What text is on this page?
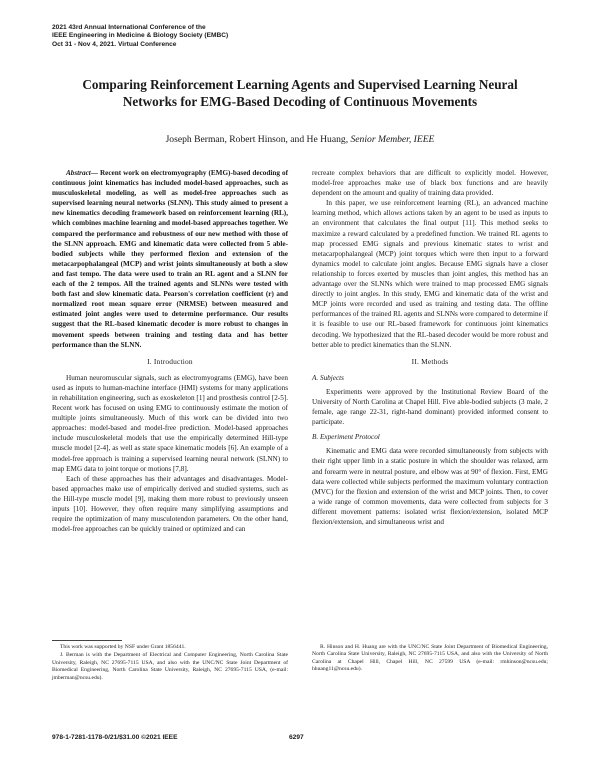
2021 43rd Annual International Conference of the
IEEE Engineering in Medicine & Biology Society (EMBC)
Oct 31 - Nov 4, 2021. Virtual Conference
Comparing Reinforcement Learning Agents and Supervised Learning Neural Networks for EMG-Based Decoding of Continuous Movements
Joseph Berman, Robert Hinson, and He Huang, Senior Member, IEEE

Abstract— Recent work on electromyography (EMG)-based decoding of continuous joint kinematics has included model-based approaches, such as musculoskeletal modeling, as well as model-free approaches such as supervised learning neural networks (SLNN). This study aimed to present a new kinematics decoding framework based on reinforcement learning (RL), which combines machine learning and model-based approaches together. We compared the performance and robustness of our new method with those of the SLNN approach. EMG and kinematic data were collected from 5 able-bodied subjects while they performed flexion and extension of the metacarpophalangeal (MCP) and wrist joints simultaneously at both a slow and fast tempo. The data were used to train an RL agent and a SLNN for each of the 2 tempos. All the trained agents and SLNNs were tested with both fast and slow kinematic data. Pearson's correlation coefficient (r) and normalized root mean square error (NRMSE) between measured and estimated joint angles were used to determine performance. Our results suggest that the RL-based kinematic decoder is more robust to changes in movement speeds between training and testing data and has better performance than the SLNN.

I. Introduction

Human neuromuscular signals, such as electromyograms (EMG), have been used as inputs to human-machine interface (HMI) systems for many applications in rehabilitation engineering, such as exoskeleton [1] and prosthesis control [2-5]. Recent work has focused on using EMG to continuously estimate the motion of multiple joints simultaneously. Much of this work can be divided into two approaches: model-based and model-free prediction. Model-based approaches include musculoskeletal models that use the empirically determined Hill-type muscle model [2-4], as well as state space kinematic models [6]. An example of a model-free approach is training a supervised learning neural network (SLNN) to map EMG data to joint torque or motions [7,8].

Each of these approaches has their advantages and disadvantages. Model-based approaches make use of empirically derived and studied systems, such as the Hill-type muscle model [9], making them more robust to previously unseen inputs [10]. However, they often require many simplifying assumptions and require the optimization of many musculotendon parameters. On the other hand, model-free approaches can be quickly trained or optimized and can

recreate complex behaviors that are difficult to explicitly model. However, model-free approaches make use of black box functions and are heavily dependent on the amount and quality of training data provided.

In this paper, we use reinforcement learning (RL), an advanced machine learning method, which allows actions taken by an agent to be used as inputs to an environment that calculates the final output [11]. This method seeks to maximize a reward calculated by a predefined function. We trained RL agents to map processed EMG signals and previous kinematic states to wrist and metacarpophalangeal (MCP) joint torques which were then input to a forward dynamics model to calculate joint angles. Because EMG signals have a closer relationship to forces exerted by muscles than joint angles, this method has an advantage over the SLNNs which were trained to map processed EMG signals directly to joint angles. In this study, EMG and kinematic data of the wrist and MCP joints were recorded and used as training and testing data. The offline performances of the trained RL agents and SLNNs were compared to determine if it is feasible to use our RL-based framework for continuous joint kinematics decoding. We hypothesized that the RL-based decoder would be more robust and better able to predict kinematics than the SLNN.

II. Methods
A. Subjects

Experiments were approved by the Institutional Review Board of the University of North Carolina at Chapel Hill. Five able-bodied subjects (3 male, 2 female, age range 22-31, right-hand dominant) provided informed consent to participate.

B. Experiment Protocol

Kinematic and EMG data were recorded simultaneously from subjects with their right upper limb in a static posture in which the shoulder was relaxed, arm and forearm were in neutral posture, and elbow was at 90° of flexion. First, EMG data were collected while subjects performed the maximum voluntary contraction (MVC) for the flexion and extension of the wrist and MCP joints. Then, to cover a wide range of common movements, data were collected from subjects for 3 different movement patterns: isolated wrist flexion/extension, isolated MCP flexion/extension, and simultaneous wrist and

This work was supported by NSF under Grant 1856441.

J. Berman is with the Department of Electrical and Computer Engineering, North Carolina State University, Raleigh, NC 27695-7115 USA, and also with the UNC/NC State Joint Department of Biomedical Engineering, North Carolina State University, Raleigh, NC 27695-7115 USA, (e-mail: jmberman@ncsu.edu).

R. Hinson and H. Huang are with the UNC/NC State Joint Department of Biomedical Engineering, North Carolina State University, Raleigh, NC 27695-7115 USA, and also with the University of North Carolina at Chapel Hill, Chapel Hill, NC 27599 USA (e-mail: rmhinson@ncsu.edu; hhuang11@ncsu.edu).

978-1-7281-1178-0/21/$31.00 ©2021 IEEE	6297
